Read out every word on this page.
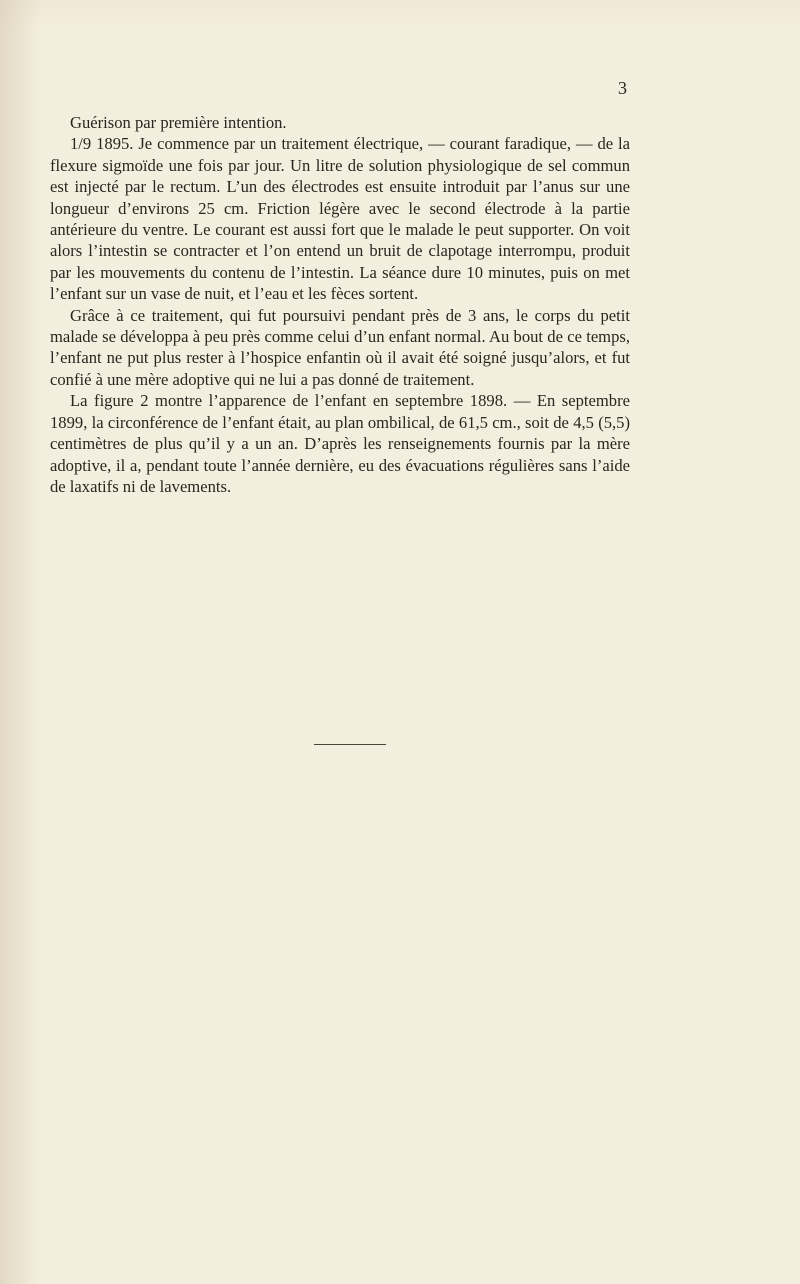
3

Guérison par première intention.

1/9 1895. Je commence par un traitement électrique, — courant faradique, — de la flexure sigmoïde une fois par jour. Un litre de solution physiologique de sel commun est injecté par le rectum. L’un des électrodes est ensuite introduit par l’anus sur une longueur d’environs 25 cm. Friction légère avec le second électrode à la partie antérieure du ventre. Le courant est aussi fort que le malade le peut supporter. On voit alors l’intestin se contracter et l’on entend un bruit de clapotage interrompu, produit par les mouvements du contenu de l’intestin. La séance dure 10 minutes, puis on met l’enfant sur un vase de nuit, et l’eau et les fèces sortent.

Grâce à ce traitement, qui fut poursuivi pendant près de 3 ans, le corps du petit malade se développa à peu près comme celui d’un enfant normal. Au bout de ce temps, l’enfant ne put plus rester à l’hospice enfantin où il avait été soigné jusqu’alors, et fut confié à une mère adoptive qui ne lui a pas donné de traitement.

La figure 2 montre l’apparence de l’enfant en septembre 1898. — En septembre 1899, la circonférence de l’enfant était, au plan ombilical, de 61,5 cm., soit de 4,5 (5,5) centimètres de plus qu’il y a un an. D’après les renseignements fournis par la mère adoptive, il a, pendant toute l’année dernière, eu des évacuations régulières sans l’aide de laxatifs ni de lavements.
